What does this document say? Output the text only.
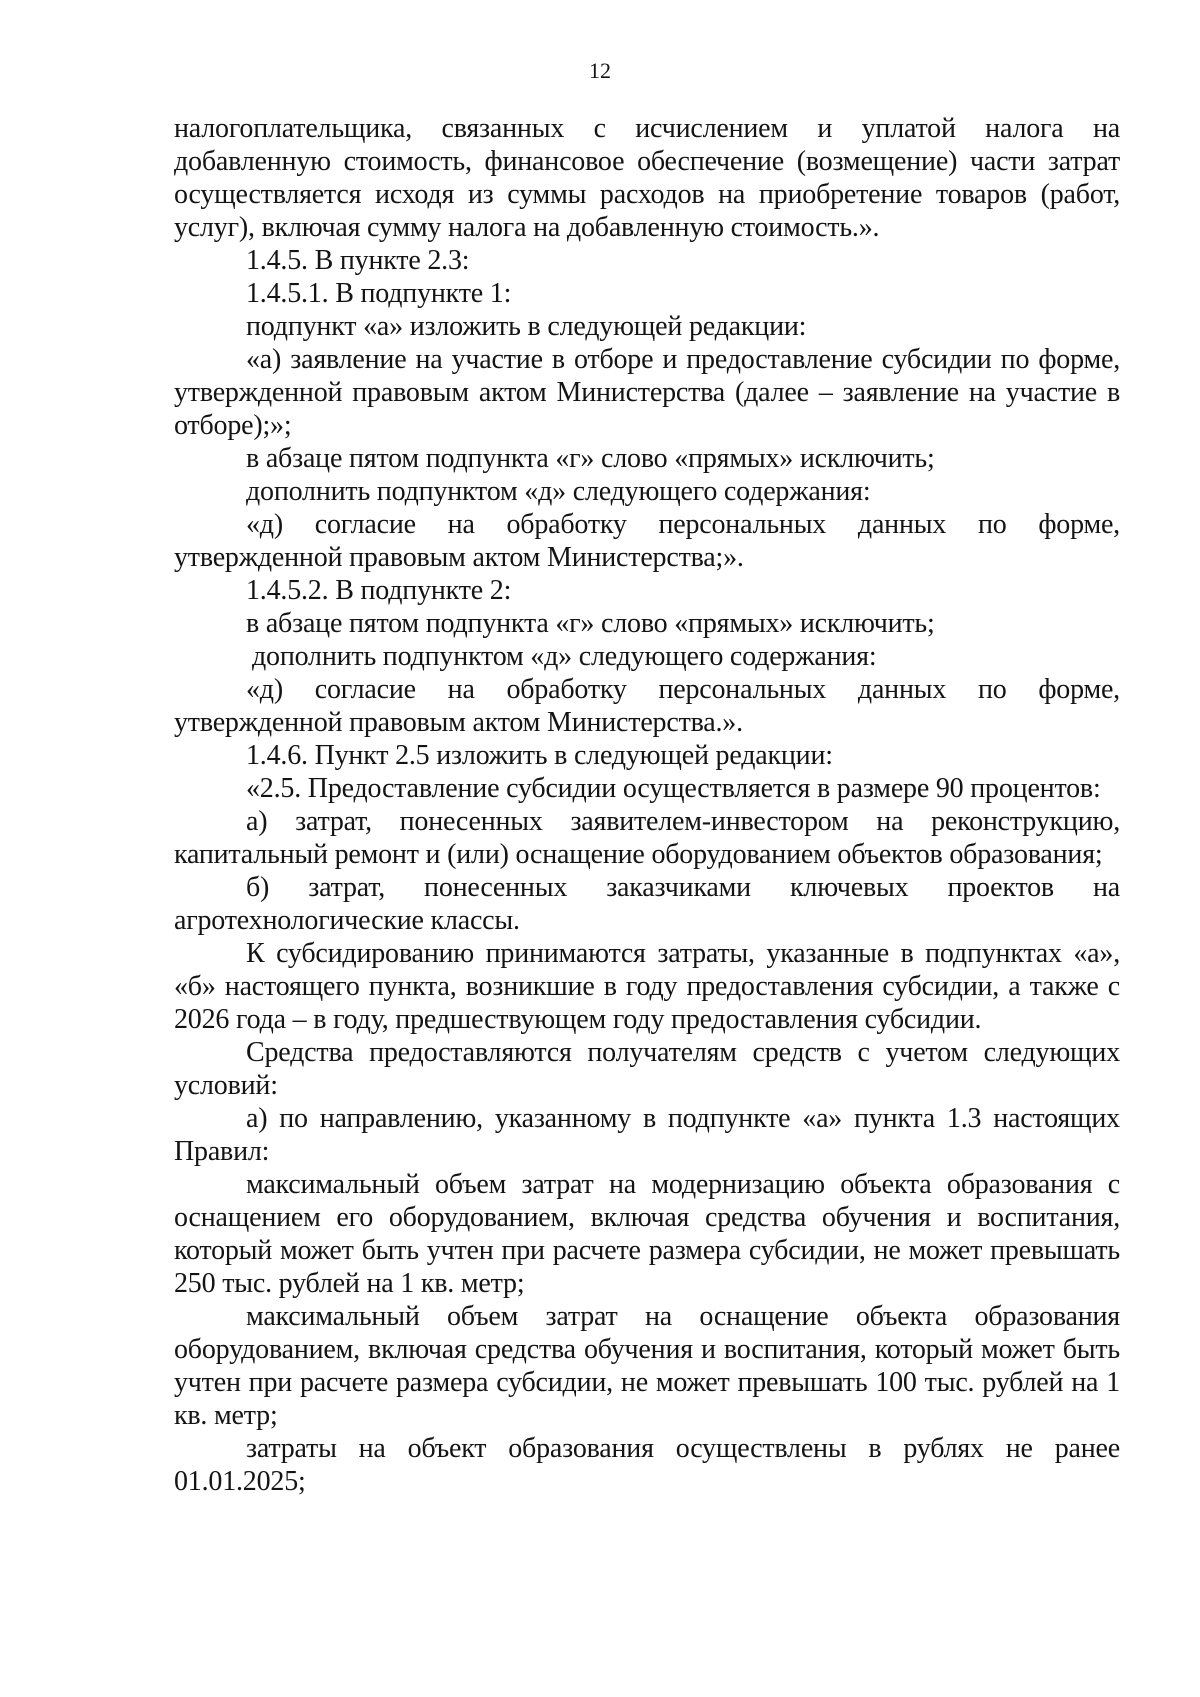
12

налогоплательщика, связанных с исчислением и уплатой налога на добавленную стоимость, финансовое обеспечение (возмещение) части затрат осуществляется исходя из суммы расходов на приобретение товаров (работ, услуг), включая сумму налога на добавленную стоимость.».

1.4.5. В пункте 2.3:

1.4.5.1. В подпункте 1:

подпункт «а» изложить в следующей редакции:

«а) заявление на участие в отборе и предоставление субсидии по форме, утвержденной правовым актом Министерства (далее – заявление на участие в отборе);»;

в абзаце пятом подпункта «г» слово «прямых» исключить;

дополнить подпунктом «д» следующего содержания:

«д) согласие на обработку персональных данных по форме, утвержденной правовым актом Министерства;».

1.4.5.2. В подпункте 2:

в абзаце пятом подпункта «г» слово «прямых» исключить;

дополнить подпунктом «д» следующего содержания:

«д) согласие на обработку персональных данных по форме, утвержденной правовым актом Министерства.».

1.4.6. Пункт 2.5 изложить в следующей редакции:

«2.5. Предоставление субсидии осуществляется в размере 90 процентов:

а) затрат, понесенных заявителем-инвестором на реконструкцию, капитальный ремонт и (или) оснащение оборудованием объектов образования;

б) затрат, понесенных заказчиками ключевых проектов на агротехнологические классы.

К субсидированию принимаются затраты, указанные в подпунктах «а», «б» настоящего пункта, возникшие в году предоставления субсидии, а также с 2026 года – в году, предшествующем году предоставления субсидии.

Средства предоставляются получателям средств с учетом следующих условий:

а) по направлению, указанному в подпункте «а» пункта 1.3 настоящих Правил:

максимальный объем затрат на модернизацию объекта образования с оснащением его оборудованием, включая средства обучения и воспитания, который может быть учтен при расчете размера субсидии, не может превышать 250 тыс. рублей на 1 кв. метр;

максимальный объем затрат на оснащение объекта образования оборудованием, включая средства обучения и воспитания, который может быть учтен при расчете размера субсидии, не может превышать 100 тыс. рублей на 1 кв. метр;

затраты на объект образования осуществлены в рублях не ранее 01.01.2025;
